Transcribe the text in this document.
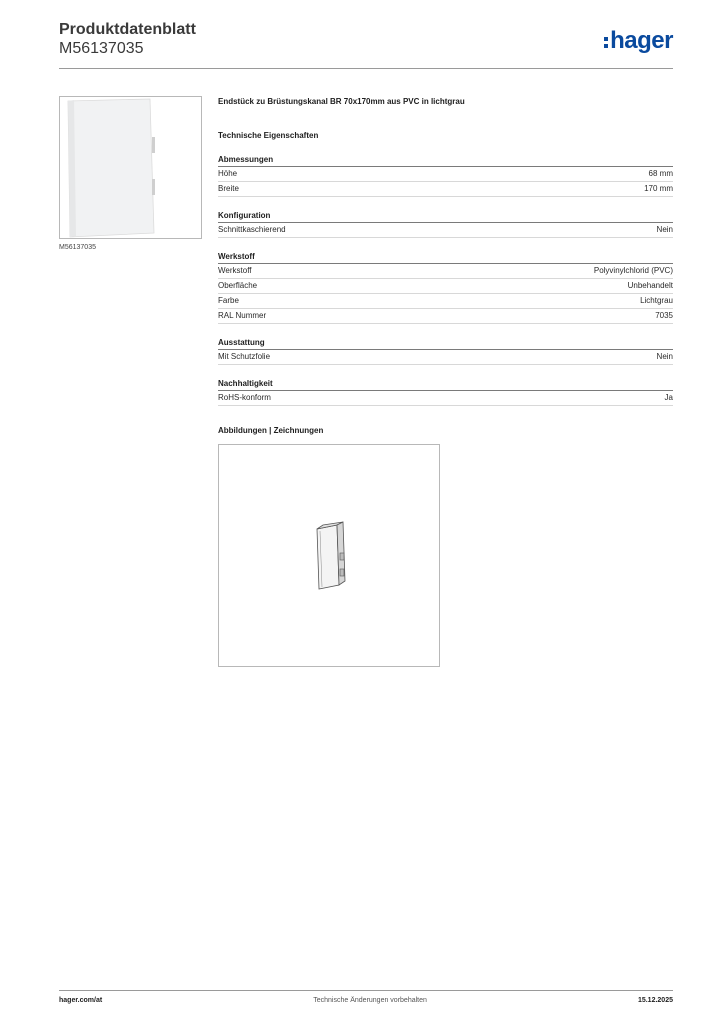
Produktdatenblatt
M56137035	hager
M56137035
Endstück zu Brüstungskanal BR 70x170mm aus PVC in lichtgrau
Technische Eigenschaften
Abmessungen
Höhe	68 mm
Breite	170 mm
Konfiguration
Schnittkaschierend	Nein
Werkstoff
Werkstoff	Polyvinylchlorid (PVC)
Oberfläche	Unbehandelt
Farbe	Lichtgrau
RAL Nummer	7035
Ausstattung
Mit Schutzfolie	Nein
Nachhaltigkeit
RoHS-konform	Ja
Abbildungen | Zeichnungen
hager.com/at	Technische Änderungen vorbehalten	15.12.2025
